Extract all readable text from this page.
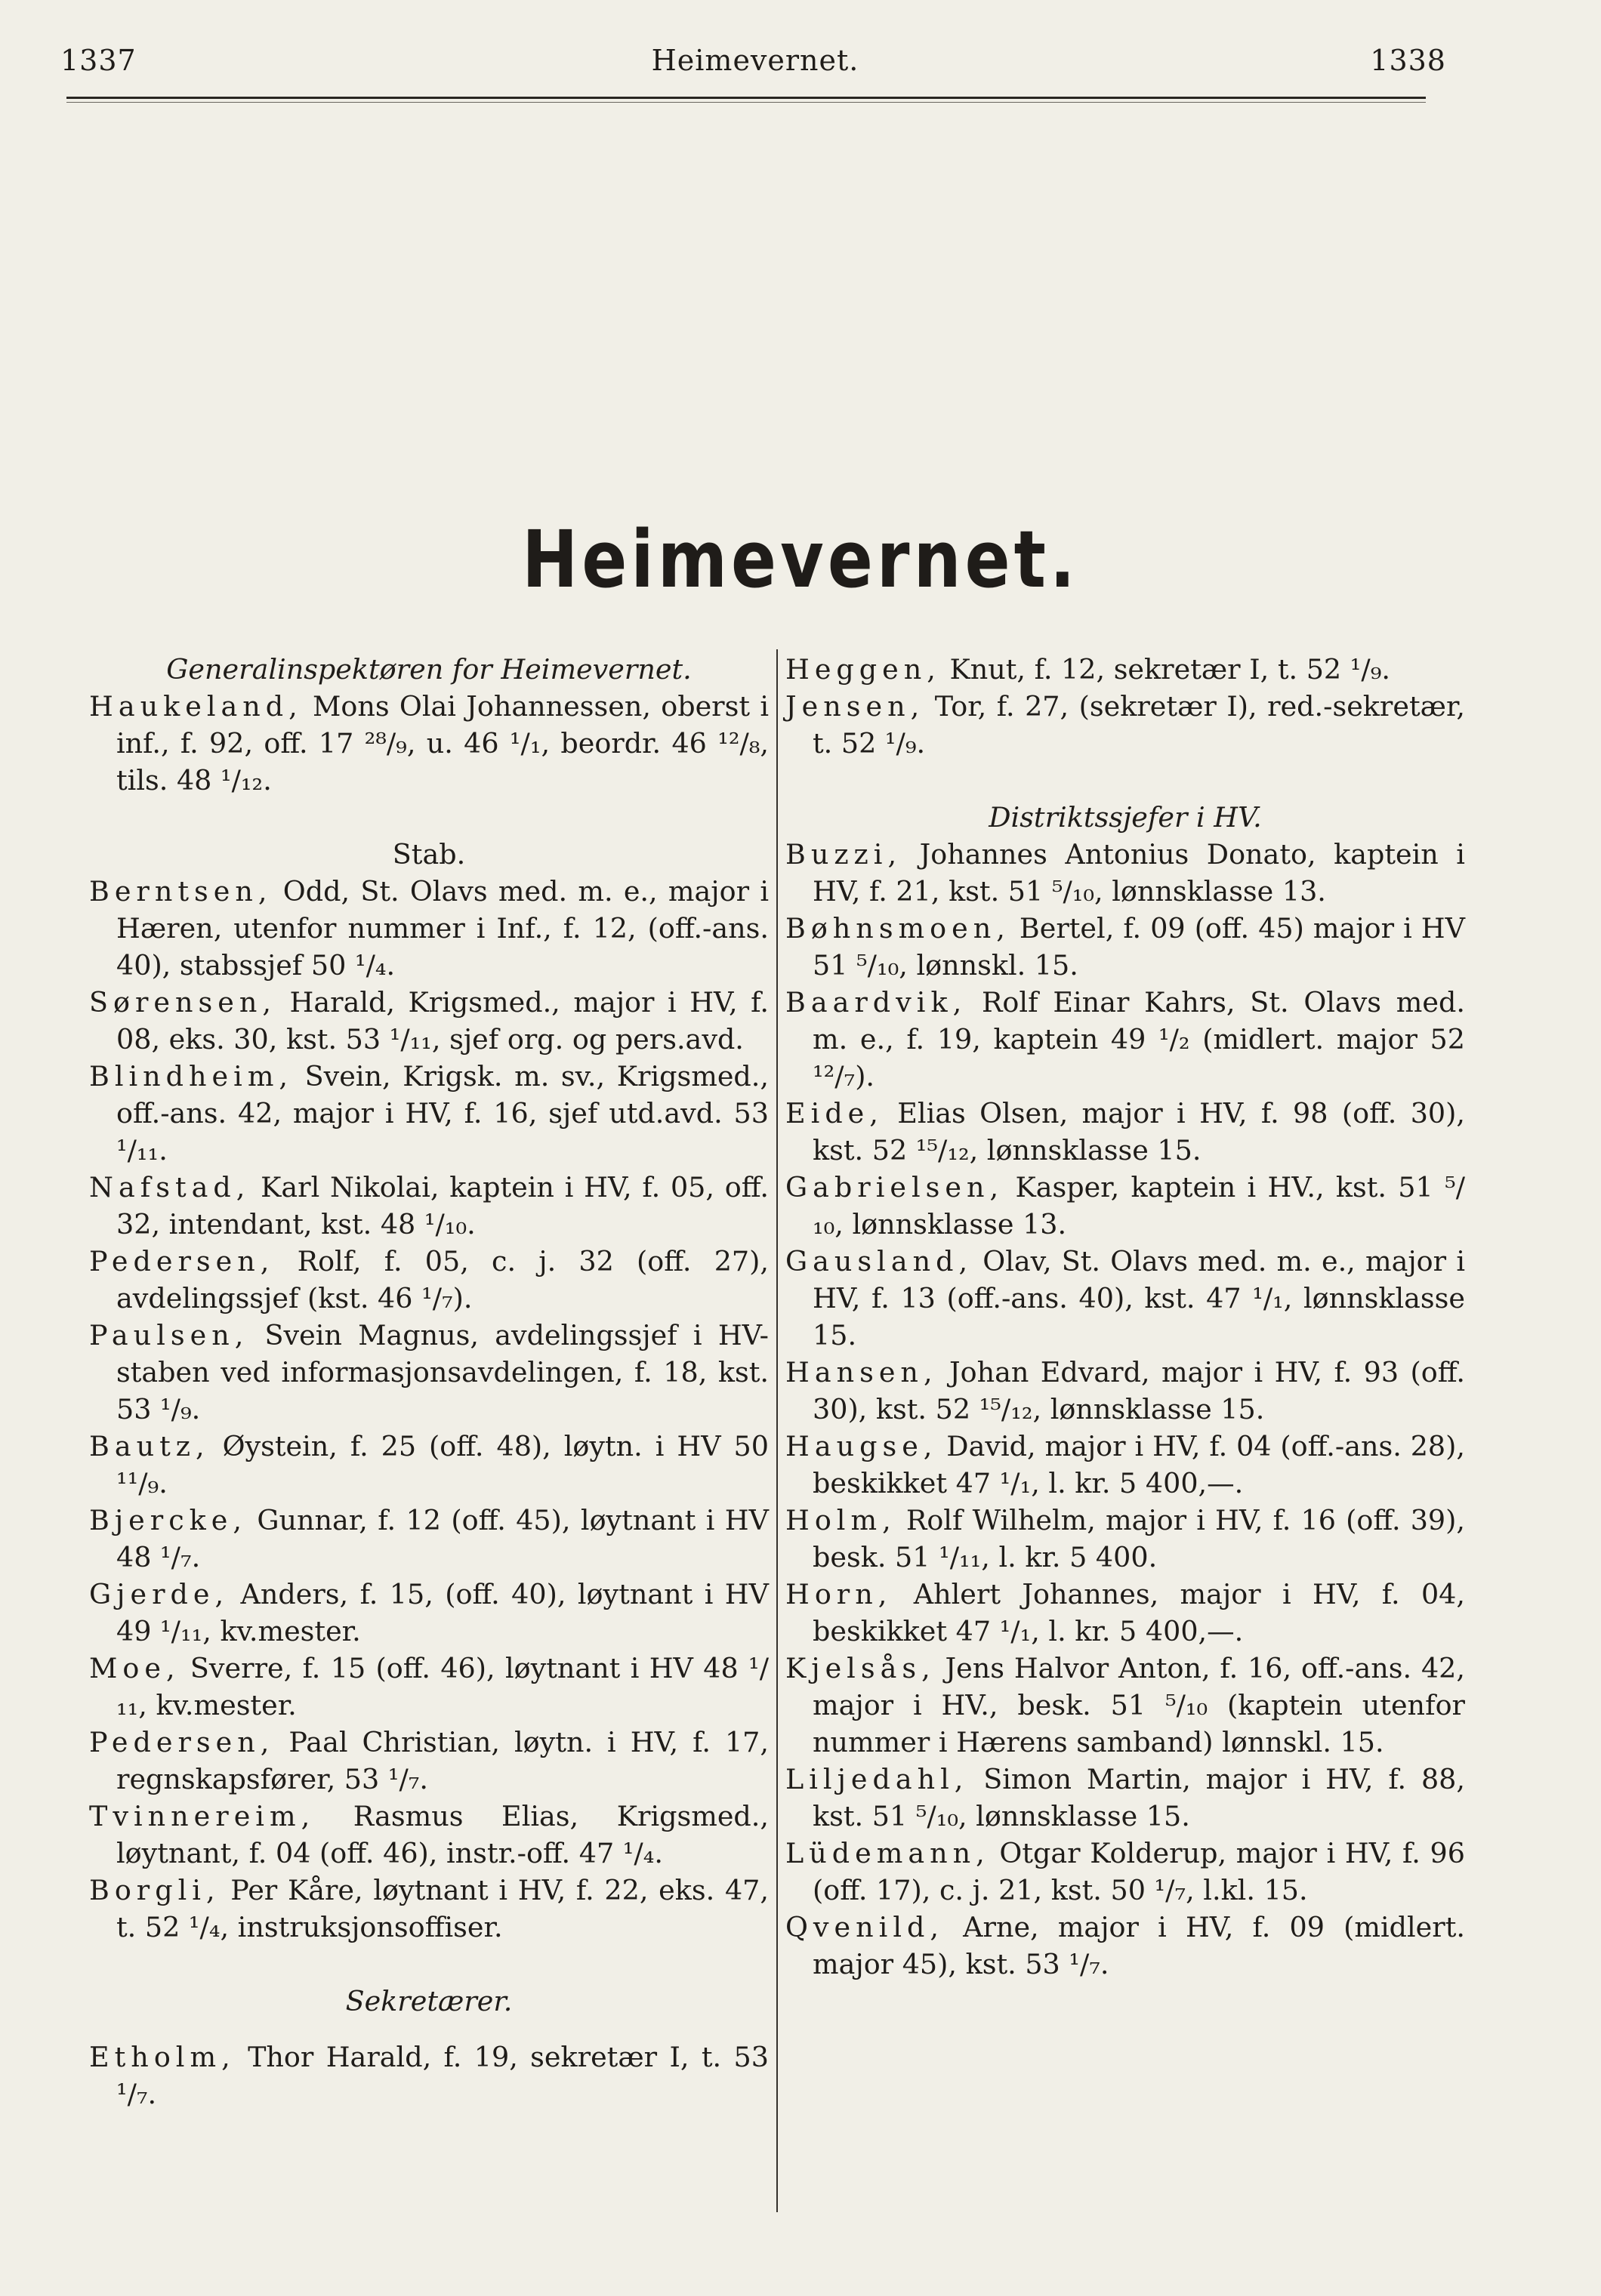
1337	Heimevernet.	1338
Heimevernet.

Generalinspektøren for Heimevernet.

Haukeland, Mons Olai Johannessen, oberst i inf., f. 92, off. 17 ²⁸/₉, u. 46 ¹/₁, beordr. 46 ¹²/₈, tils. 48 ¹/₁₂.

Stab.

Berntsen, Odd, St. Olavs med. m. e., major i Hæren, utenfor nummer i Inf., f. 12, (off.-ans. 40), stabssjef 50 ¹/₄.

Sørensen, Harald, Krigsmed., major i HV, f. 08, eks. 30, kst. 53 ¹/₁₁, sjef org. og pers.avd.

Blindheim, Svein, Krigsk. m. sv., Krigsmed., off.-ans. 42, major i HV, f. 16, sjef utd.avd. 53 ¹/₁₁.

Nafstad, Karl Nikolai, kaptein i HV, f. 05, off. 32, intendant, kst. 48 ¹/₁₀.

Pedersen, Rolf, f. 05, c. j. 32 (off. 27), avdelingssjef (kst. 46 ¹/₇).

Paulsen, Svein Magnus, avdelingssjef i HV-staben ved informasjonsavdelingen, f. 18, kst. 53 ¹/₉.

Bautz, Øystein, f. 25 (off. 48), løytn. i HV 50 ¹¹/₉.

Bjercke, Gunnar, f. 12 (off. 45), løytnant i HV 48 ¹/₇.

Gjerde, Anders, f. 15, (off. 40), løytnant i HV 49 ¹/₁₁, kv.mester.

Moe, Sverre, f. 15 (off. 46), løytnant i HV 48 ¹/₁₁, kv.mester.

Pedersen, Paal Christian, løytn. i HV, f. 17, regnskapsfører, 53 ¹/₇.

Tvinnereim, Rasmus Elias, Krigsmed., løytnant, f. 04 (off. 46), instr.-off. 47 ¹/₄.

Borgli, Per Kåre, løytnant i HV, f. 22, eks. 47, t. 52 ¹/₄, instruksjonsoffiser.

Sekretærer.

Etholm, Thor Harald, f. 19, sekretær I, t. 53 ¹/₇.

Heggen, Knut, f. 12, sekretær I, t. 52 ¹/₉.

Jensen, Tor, f. 27, (sekretær I), red.-sekretær, t. 52 ¹/₉.

Distriktssjefer i HV.

Buzzi, Johannes Antonius Donato, kaptein i HV, f. 21, kst. 51 ⁵/₁₀, lønnsklasse 13.

Bøhnsmoen, Bertel, f. 09 (off. 45) major i HV 51 ⁵/₁₀, lønnskl. 15.

Baardvik, Rolf Einar Kahrs, St. Olavs med. m. e., f. 19, kaptein 49 ¹/₂ (midlert. major 52 ¹²/₇).

Eide, Elias Olsen, major i HV, f. 98 (off. 30), kst. 52 ¹⁵/₁₂, lønnsklasse 15.

Gabrielsen, Kasper, kaptein i HV., kst. 51 ⁵/₁₀, lønnsklasse 13.

Gausland, Olav, St. Olavs med. m. e., major i HV, f. 13 (off.-ans. 40), kst. 47 ¹/₁, lønnsklasse 15.

Hansen, Johan Edvard, major i HV, f. 93 (off. 30), kst. 52 ¹⁵/₁₂, lønnsklasse 15.

Haugse, David, major i HV, f. 04 (off.-ans. 28), beskikket 47 ¹/₁, l. kr. 5 400,—.

Holm, Rolf Wilhelm, major i HV, f. 16 (off. 39), besk. 51 ¹/₁₁, l. kr. 5 400.

Horn, Ahlert Johannes, major i HV, f. 04, beskikket 47 ¹/₁, l. kr. 5 400,—.

Kjelsås, Jens Halvor Anton, f. 16, off.-ans. 42, major i HV., besk. 51 ⁵/₁₀ (kaptein utenfor nummer i Hærens samband) lønnskl. 15.

Liljedahl, Simon Martin, major i HV, f. 88, kst. 51 ⁵/₁₀, lønnsklasse 15.

Lüdemann, Otgar Kolderup, major i HV, f. 96 (off. 17), c. j. 21, kst. 50 ¹/₇, l.kl. 15.

Qvenild, Arne, major i HV, f. 09 (midlert. major 45), kst. 53 ¹/₇.
